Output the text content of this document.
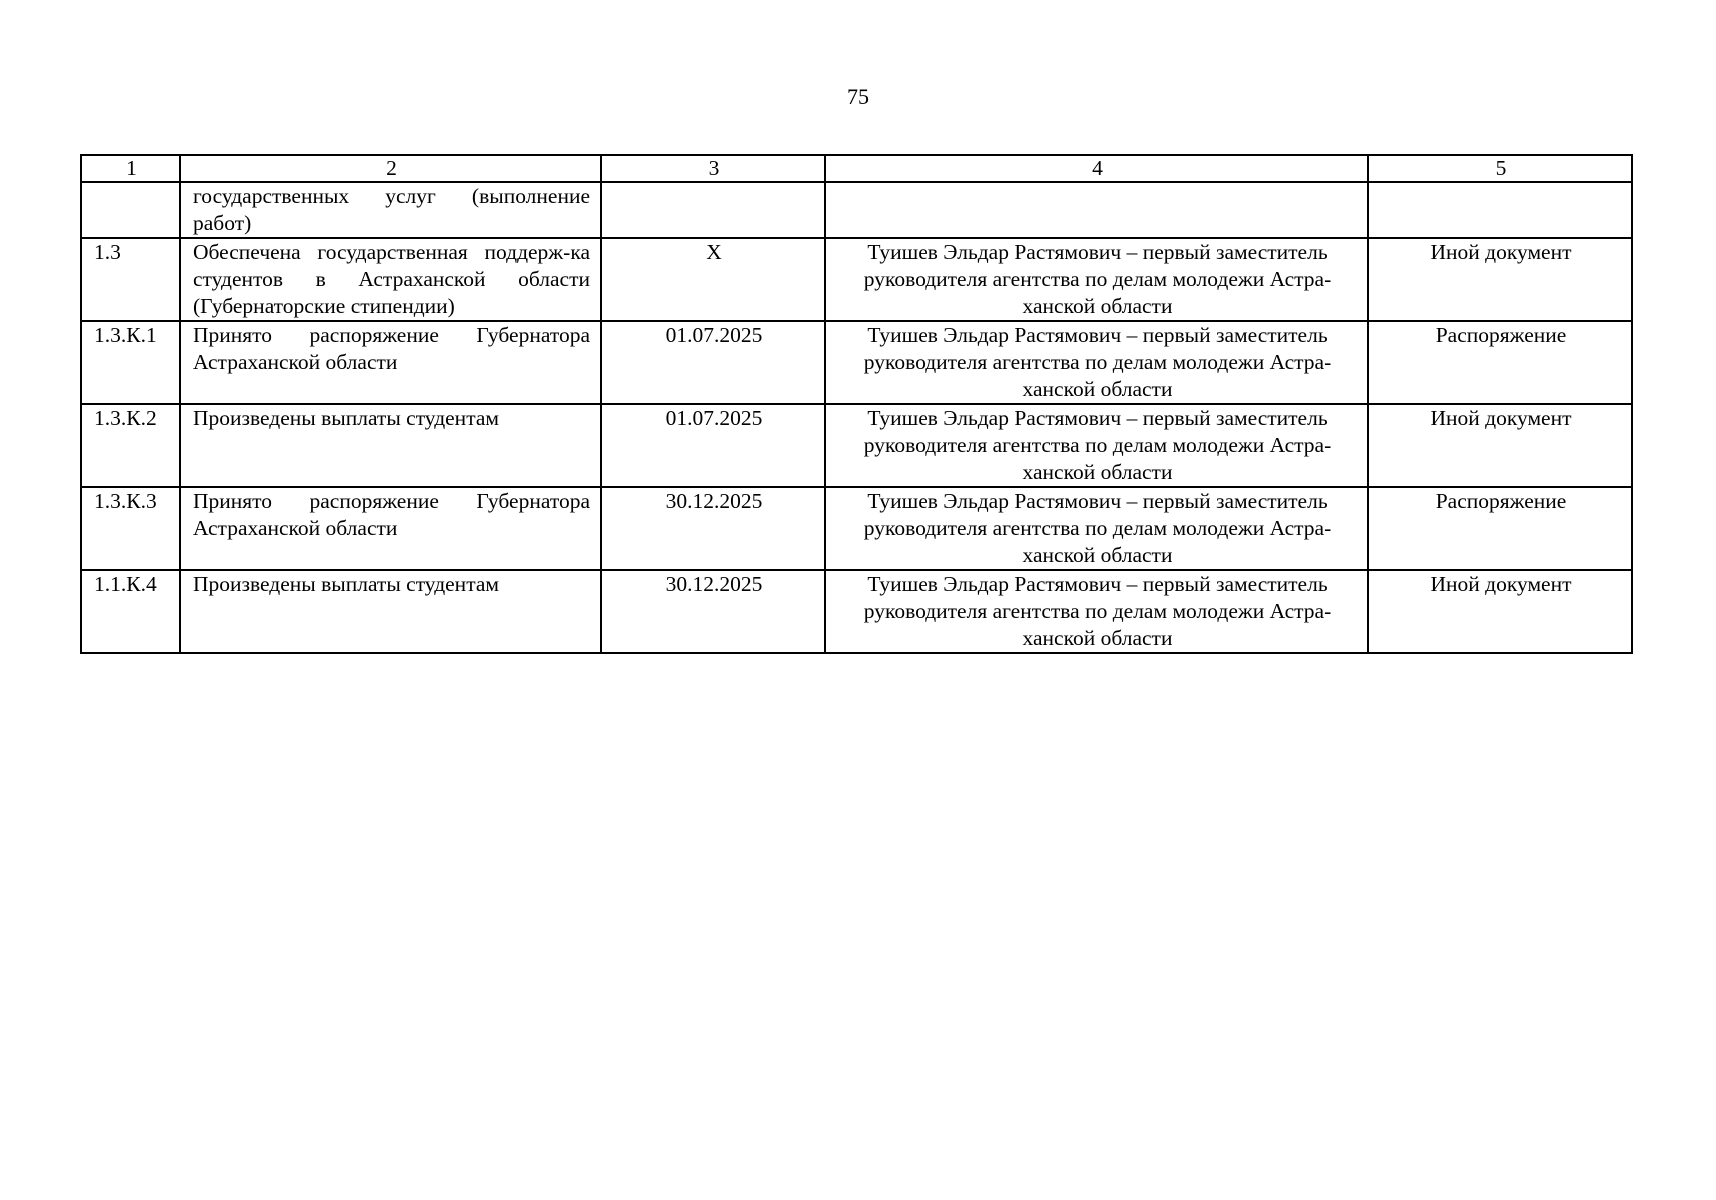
75
1	2	3	4	5
	государственных услуг (выполнение работ)			
1.3	Обеспечена государственная поддерж-ка студентов в Астраханской области (Губернаторские стипендии)	Х	Туишев Эльдар Растямович – первый заместитель руководителя агентства по делам молодежи Астра-ханской области	Иной документ
1.3.К.1	Принято распоряжение Губернатора Астраханской области	01.07.2025	Туишев Эльдар Растямович – первый заместитель руководителя агентства по делам молодежи Астра-ханской области	Распоряжение
1.3.К.2	Произведены выплаты студентам	01.07.2025	Туишев Эльдар Растямович – первый заместитель руководителя агентства по делам молодежи Астра-ханской области	Иной документ
1.3.К.3	Принято распоряжение Губернатора Астраханской области	30.12.2025	Туишев Эльдар Растямович – первый заместитель руководителя агентства по делам молодежи Астра-ханской области	Распоряжение
1.1.К.4	Произведены выплаты студентам	30.12.2025	Туишев Эльдар Растямович – первый заместитель руководителя агентства по делам молодежи Астра-ханской области	Иной документ
